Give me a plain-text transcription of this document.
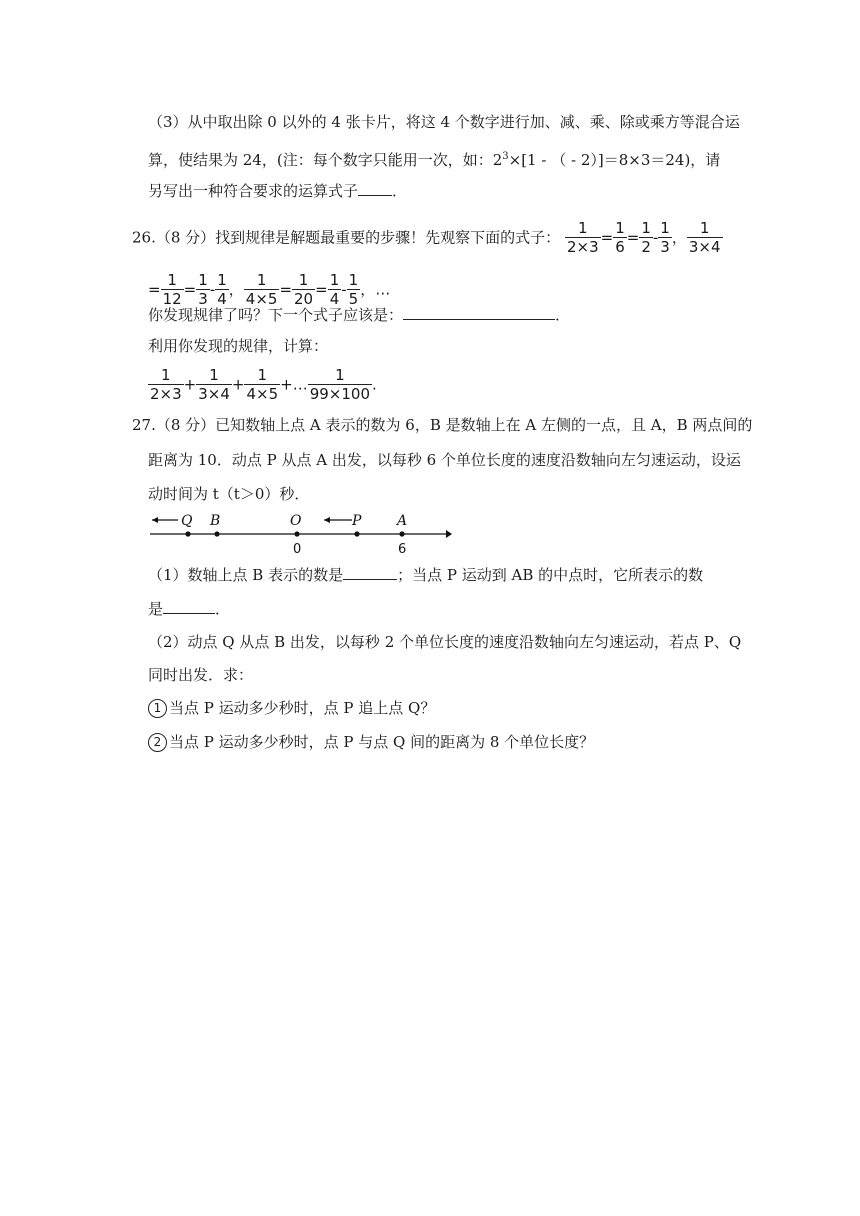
（3）从中取出除 0 以外的 4 张卡片，将这 4 个数字进行加、减、乘、除或乘方等混合运
算，使结果为 24，(注：每个数字只能用一次，如：$2^3\times[1$ - （ - 2）]＝8×3＝24)，请
另写出一种符合要求的运算式子 ．
26.（8 分）找到规律是解题最重要的步骤！先观察下面的式子： $\frac{1}{2\times 3} = \frac{1}{6} = \frac{1}{2} - \frac{1}{3}$ ， $\frac{1}{3\times 4}$
= $\frac{1}{12} = \frac{1}{3} - \frac{1}{4}$ ， $\frac{1}{4\times 5} = \frac{1}{20} = \frac{1}{4} - \frac{1}{5}$ ，…
你发现规律了吗？下一个式子应该是：	．
利用你发现的规律，计算：
$\frac{1}{2\times 3} + \frac{1}{3\times 4} + \frac{1}{4\times 5}$ +… $\frac{1}{99\times 100}$ .
27.（8 分）已知数轴上点 A 表示的数为 6，B 是数轴上在 A 左侧的一点，且 A，B 两点间的
距离为 10．动点 P 从点 A 出发，以每秒 6 个单位长度的速度沿数轴向左匀速运动，设运
动时间为 t（t＞0）秒．
Q B	O	P	A
0	6
（1）数轴上点 B 表示的数是	；当点 P 运动到 AB 的中点时，它所表示的数
是	．
（2）动点 Q 从点 B 出发，以每秒 2 个单位长度的速度沿数轴向左匀速运动，若点 P、Q
同时出发．求：
1 当点 P 运动多少秒时，点 P 追上点 Q？
2 当点 P 运动多少秒时，点 P 与点 Q 间的距离为 8 个单位长度？
